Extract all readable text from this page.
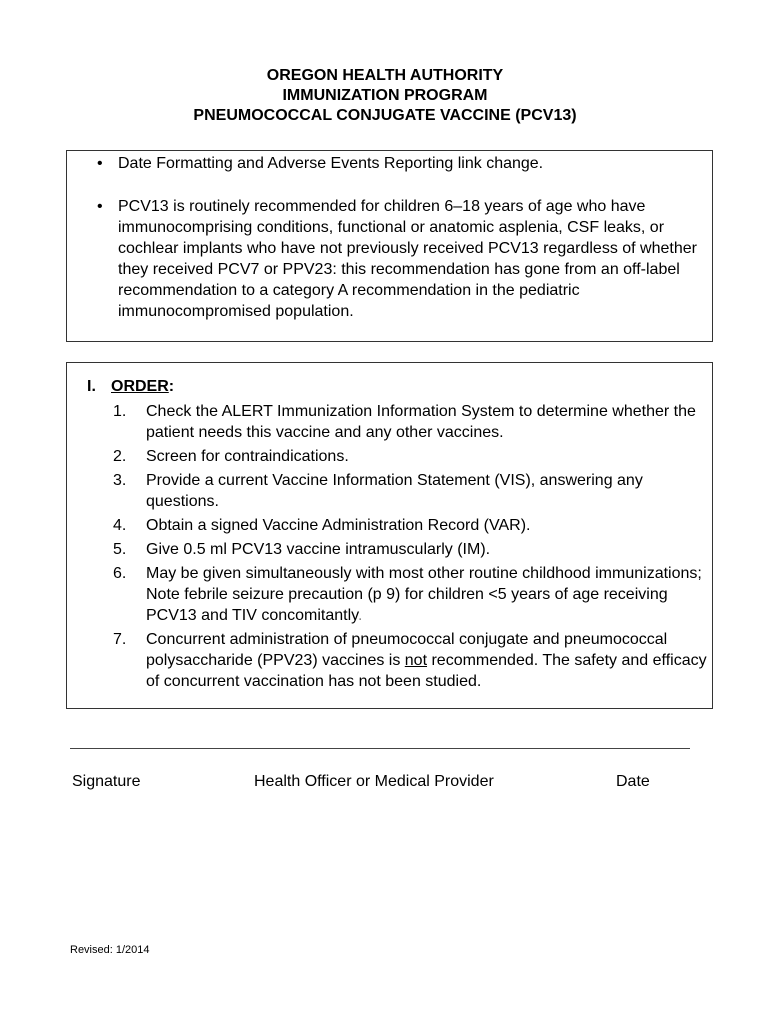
OREGON HEALTH AUTHORITY
IMMUNIZATION PROGRAM
PNEUMOCOCCAL CONJUGATE VACCINE (PCV13)
• Date Formatting and Adverse Events Reporting link change.
• PCV13 is routinely recommended for children 6–18 years of age who have immunocomprising conditions, functional or anatomic asplenia, CSF leaks, or cochlear implants who have not previously received PCV13 regardless of whether they received PCV7 or PPV23: this recommendation has gone from an off-label recommendation to a category A recommendation in the pediatric immunocompromised population.
I. ORDER:
1. Check the ALERT Immunization Information System to determine whether the patient needs this vaccine and any other vaccines.
2. Screen for contraindications.
3. Provide a current Vaccine Information Statement (VIS), answering any questions.
4. Obtain a signed Vaccine Administration Record (VAR).
5. Give 0.5 ml PCV13 vaccine intramuscularly (IM).
6. May be given simultaneously with most other routine childhood immunizations; Note febrile seizure precaution (p 9) for children <5 years of age receiving PCV13 and TIV concomitantly.
7. Concurrent administration of pneumococcal conjugate and pneumococcal polysaccharide (PPV23) vaccines is not recommended. The safety and efficacy of concurrent vaccination has not been studied.
Signature	Health Officer or Medical Provider	Date
Revised: 1/2014
